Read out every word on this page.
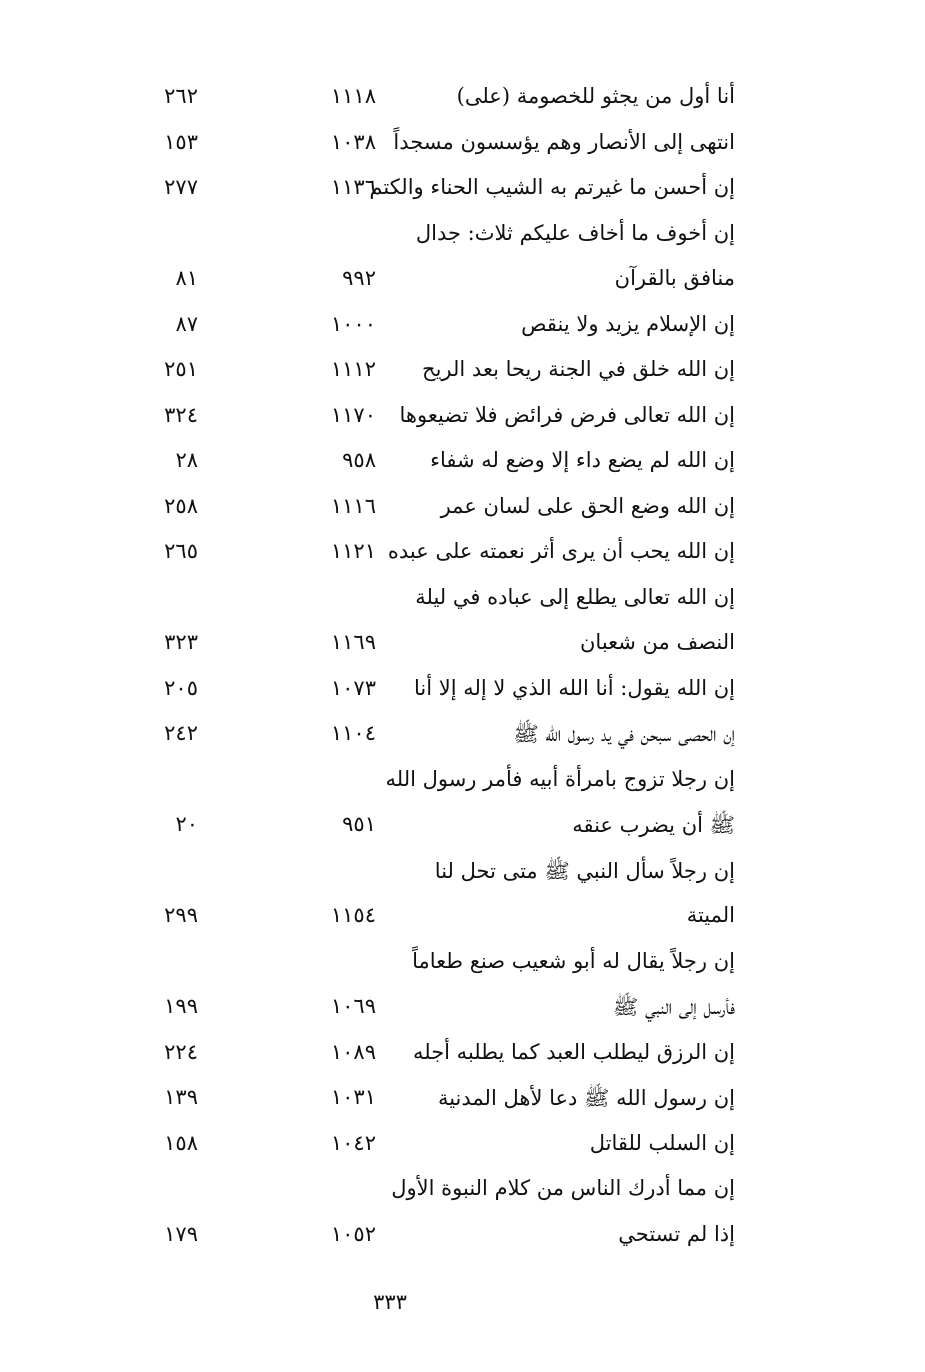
أنا أول من يجثو للخصومة (على)
١١١٨
٢٦٢
انتهى إلى الأنصار وهم يؤسسون مسجداً
١٠٣٨
١٥٣
إن أحسن ما غيرتم به الشيب الحناء والكتم
١١٣٦
٢٧٧
إن أخوف ما أخاف عليكم ثلاث: جدال
منافق بالقرآن
٩٩٢
٨١
إن الإسلام يزيد ولا ينقص
١٠٠٠
٨٧
إن الله خلق في الجنة ريحا بعد الريح
١١١٢
٢٥١
إن الله تعالى فرض فرائض فلا تضيعوها
١١٧٠
٣٢٤
إن الله لم يضع داء إلا وضع له شفاء
٩٥٨
٢٨
إن الله وضع الحق على لسان عمر
١١١٦
٢٥٨
إن الله يحب أن يرى أثر نعمته على عبده
١١٢١
٢٦٥
إن الله تعالى يطلع إلى عباده في ليلة
النصف من شعبان
١١٦٩
٣٢٣
إن الله يقول: أنا الله الذي لا إله إلا أنا
١٠٧٣
٢٠٥
إن الحصى سبحن في يد رسول الله ﷺ
١١٠٤
٢٤٢
إن رجلا تزوج بامرأة أبيه فأمر رسول الله
ﷺ أن يضرب عنقه
٩٥١
٢٠
إن رجلاً سأل النبي ﷺ متى تحل لنا
الميتة
١١٥٤
٢٩٩
إن رجلاً يقال له أبو شعيب صنع طعاماً
فأرسل إلى النبي ﷺ
١٠٦٩
١٩٩
إن الرزق ليطلب العبد كما يطلبه أجله
١٠٨٩
٢٢٤
إن رسول الله ﷺ دعا لأهل المدنية
١٠٣١
١٣٩
إن السلب للقاتل
١٠٤٢
١٥٨
إن مما أدرك الناس من كلام النبوة الأول
إذا لم تستحي
١٠٥٢
١٧٩
٣٣٣
